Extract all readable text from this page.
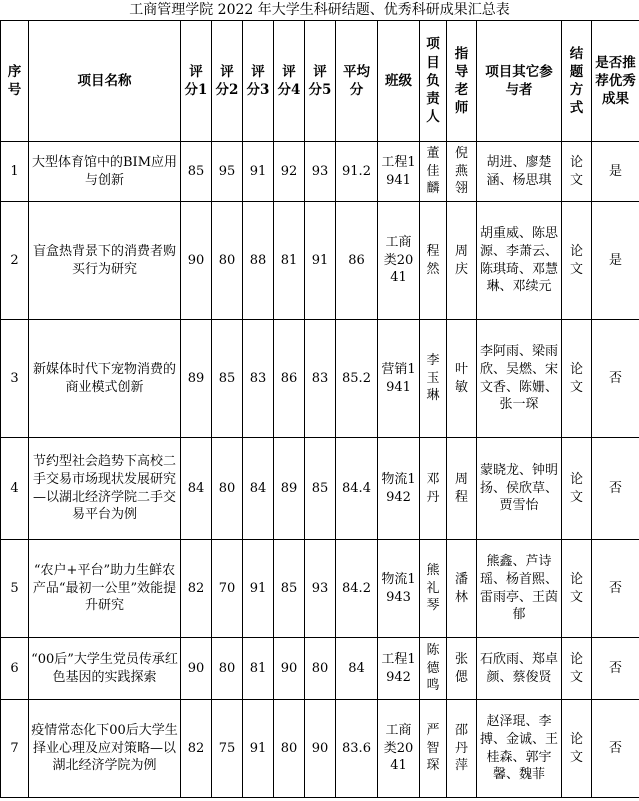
工商管理学院 2022 年大学生科研结题、优秀科研成果汇总表
序号	项目名称	评分1	评分2	评分3	评分4	评分5	平均分	班级	项目负责人	指导老师	项目其它参与者	结题方式	是否推荐优秀成果
1	大型体育馆中的BIM应用与创新	85	95	91	92	93	91.2	工程1941	董佳麟	倪燕翎	胡进、廖楚涵、杨思琪	论文	是
2	盲盒热背景下的消费者购买行为研究	90	80	88	81	91	86	工商类2041	程然	周庆	胡重威、陈思源、李萧云、陈琪琦、邓慧琳、邓续元	论文	是
3	新媒体时代下宠物消费的商业模式创新	89	85	83	86	83	85.2	营销1941	李玉琳	叶敏	李阿雨、梁雨欣、吴燃、宋文香、陈姗、张一琛	论文	否
4	节约型社会趋势下高校二手交易市场现状发展研究—以湖北经济学院二手交易平台为例	84	80	84	89	85	84.4	物流1942	邓丹	周程	蒙晓龙、钟明扬、侯欣草、贾雪怡	论文	否
5	“农户+平台”助力生鲜农产品“最初一公里”效能提升研究	82	70	91	85	93	84.2	物流1943	熊礼琴	潘林	熊鑫、芦诗瑶、杨首熙、雷雨亭、王茵郁	论文	否
6	“00后”大学生党员传承红色基因的实践探索	90	80	81	90	80	84	工程1942	陈德鸣	张偲	石欣雨、郑卓颜、蔡俊贤	论文	否
7	疫情常态化下00后大学生择业心理及应对策略—以湖北经济学院为例	82	75	91	80	90	83.6	工商类2041	严智琛	邵丹萍	赵泽琨、李搏、金诚、王桂森、郭宇馨、魏菲	论文	否
